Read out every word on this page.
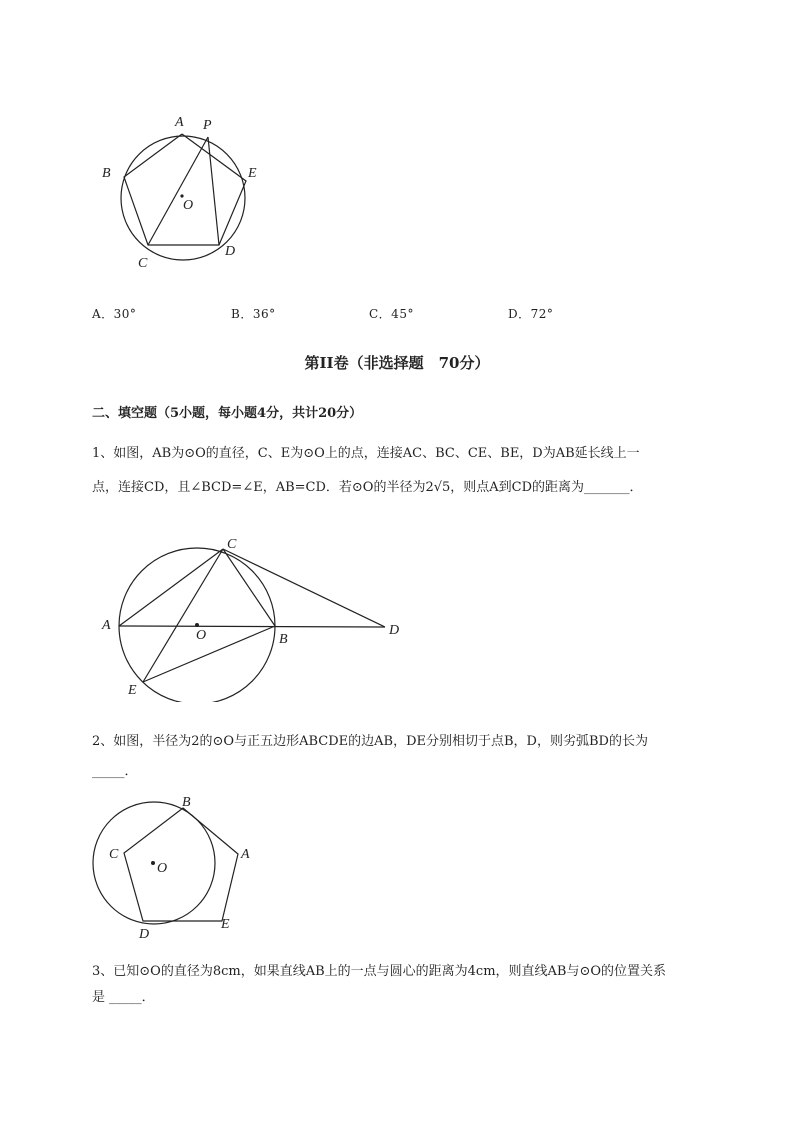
A P
B	E
O
C
D
A．30°	B．36°	C．45°	D．72°
第II卷（非选择题　70分）
二、填空题（5小题，每小题4分，共计20分）
1、如图，AB为⊙O的直径，C、E为⊙O上的点，连接AC、BC、CE、BE，D为AB延长线上一
点，连接CD，且∠BCD=∠E，AB=CD．若⊙O的半径为2√5，则点A到CD的距离为_______．
C
A
O	B
D
E
2、如图，半径为2的⊙O与正五边形ABCDE的边AB，DE分别相切于点B，D，则劣弧BD的长为
_____．
B
C
O
A
E
D
3、已知⊙O的直径为8cm，如果直线AB上的一点与圆心的距离为4cm，则直线AB与⊙O的位置关系
是 _____．
